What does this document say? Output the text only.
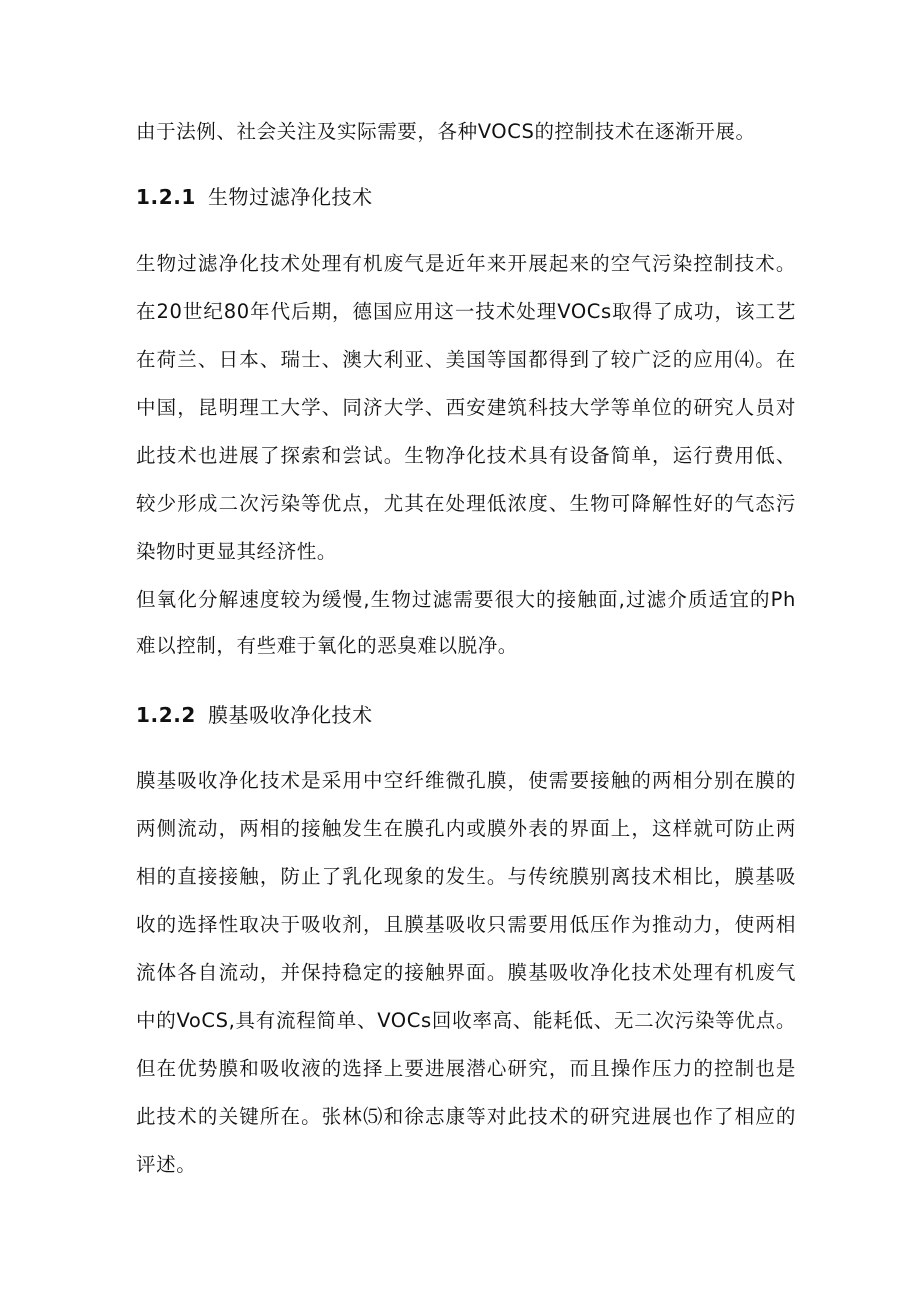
由于法例、社会关注及实际需要，各种VOCS的控制技术在逐渐开展。
1.2.1 生物过滤净化技术
生物过滤净化技术处理有机废气是近年来开展起来的空气污染控制技术。
在20世纪80年代后期，德国应用这一技术处理VOCs取得了成功，该工艺
在荷兰、日本、瑞士、澳大利亚、美国等国都得到了较广泛的应用⑷。在
中国，昆明理工大学、同济大学、西安建筑科技大学等单位的研究人员对
此技术也进展了探索和尝试。生物净化技术具有设备简单，运行费用低、
较少形成二次污染等优点，尤其在处理低浓度、生物可降解性好的气态污
染物时更显其经济性。
但氧化分解速度较为缓慢,生物过滤需要很大的接触面,过滤介质适宜的Ph
难以控制，有些难于氧化的恶臭难以脱净。
1.2.2 膜基吸收净化技术
膜基吸收净化技术是采用中空纤维微孔膜，使需要接触的两相分别在膜的
两侧流动，两相的接触发生在膜孔内或膜外表的界面上，这样就可防止两
相的直接接触，防止了乳化现象的发生。与传统膜别离技术相比，膜基吸
收的选择性取决于吸收剂，且膜基吸收只需要用低压作为推动力，使两相
流体各自流动，并保持稳定的接触界面。膜基吸收净化技术处理有机废气
中的VoCS,具有流程简单、VOCs回收率高、能耗低、无二次污染等优点。
但在优势膜和吸收液的选择上要进展潜心研究，而且操作压力的控制也是
此技术的关键所在。张林⑸和徐志康等对此技术的研究进展也作了相应的
评述。
